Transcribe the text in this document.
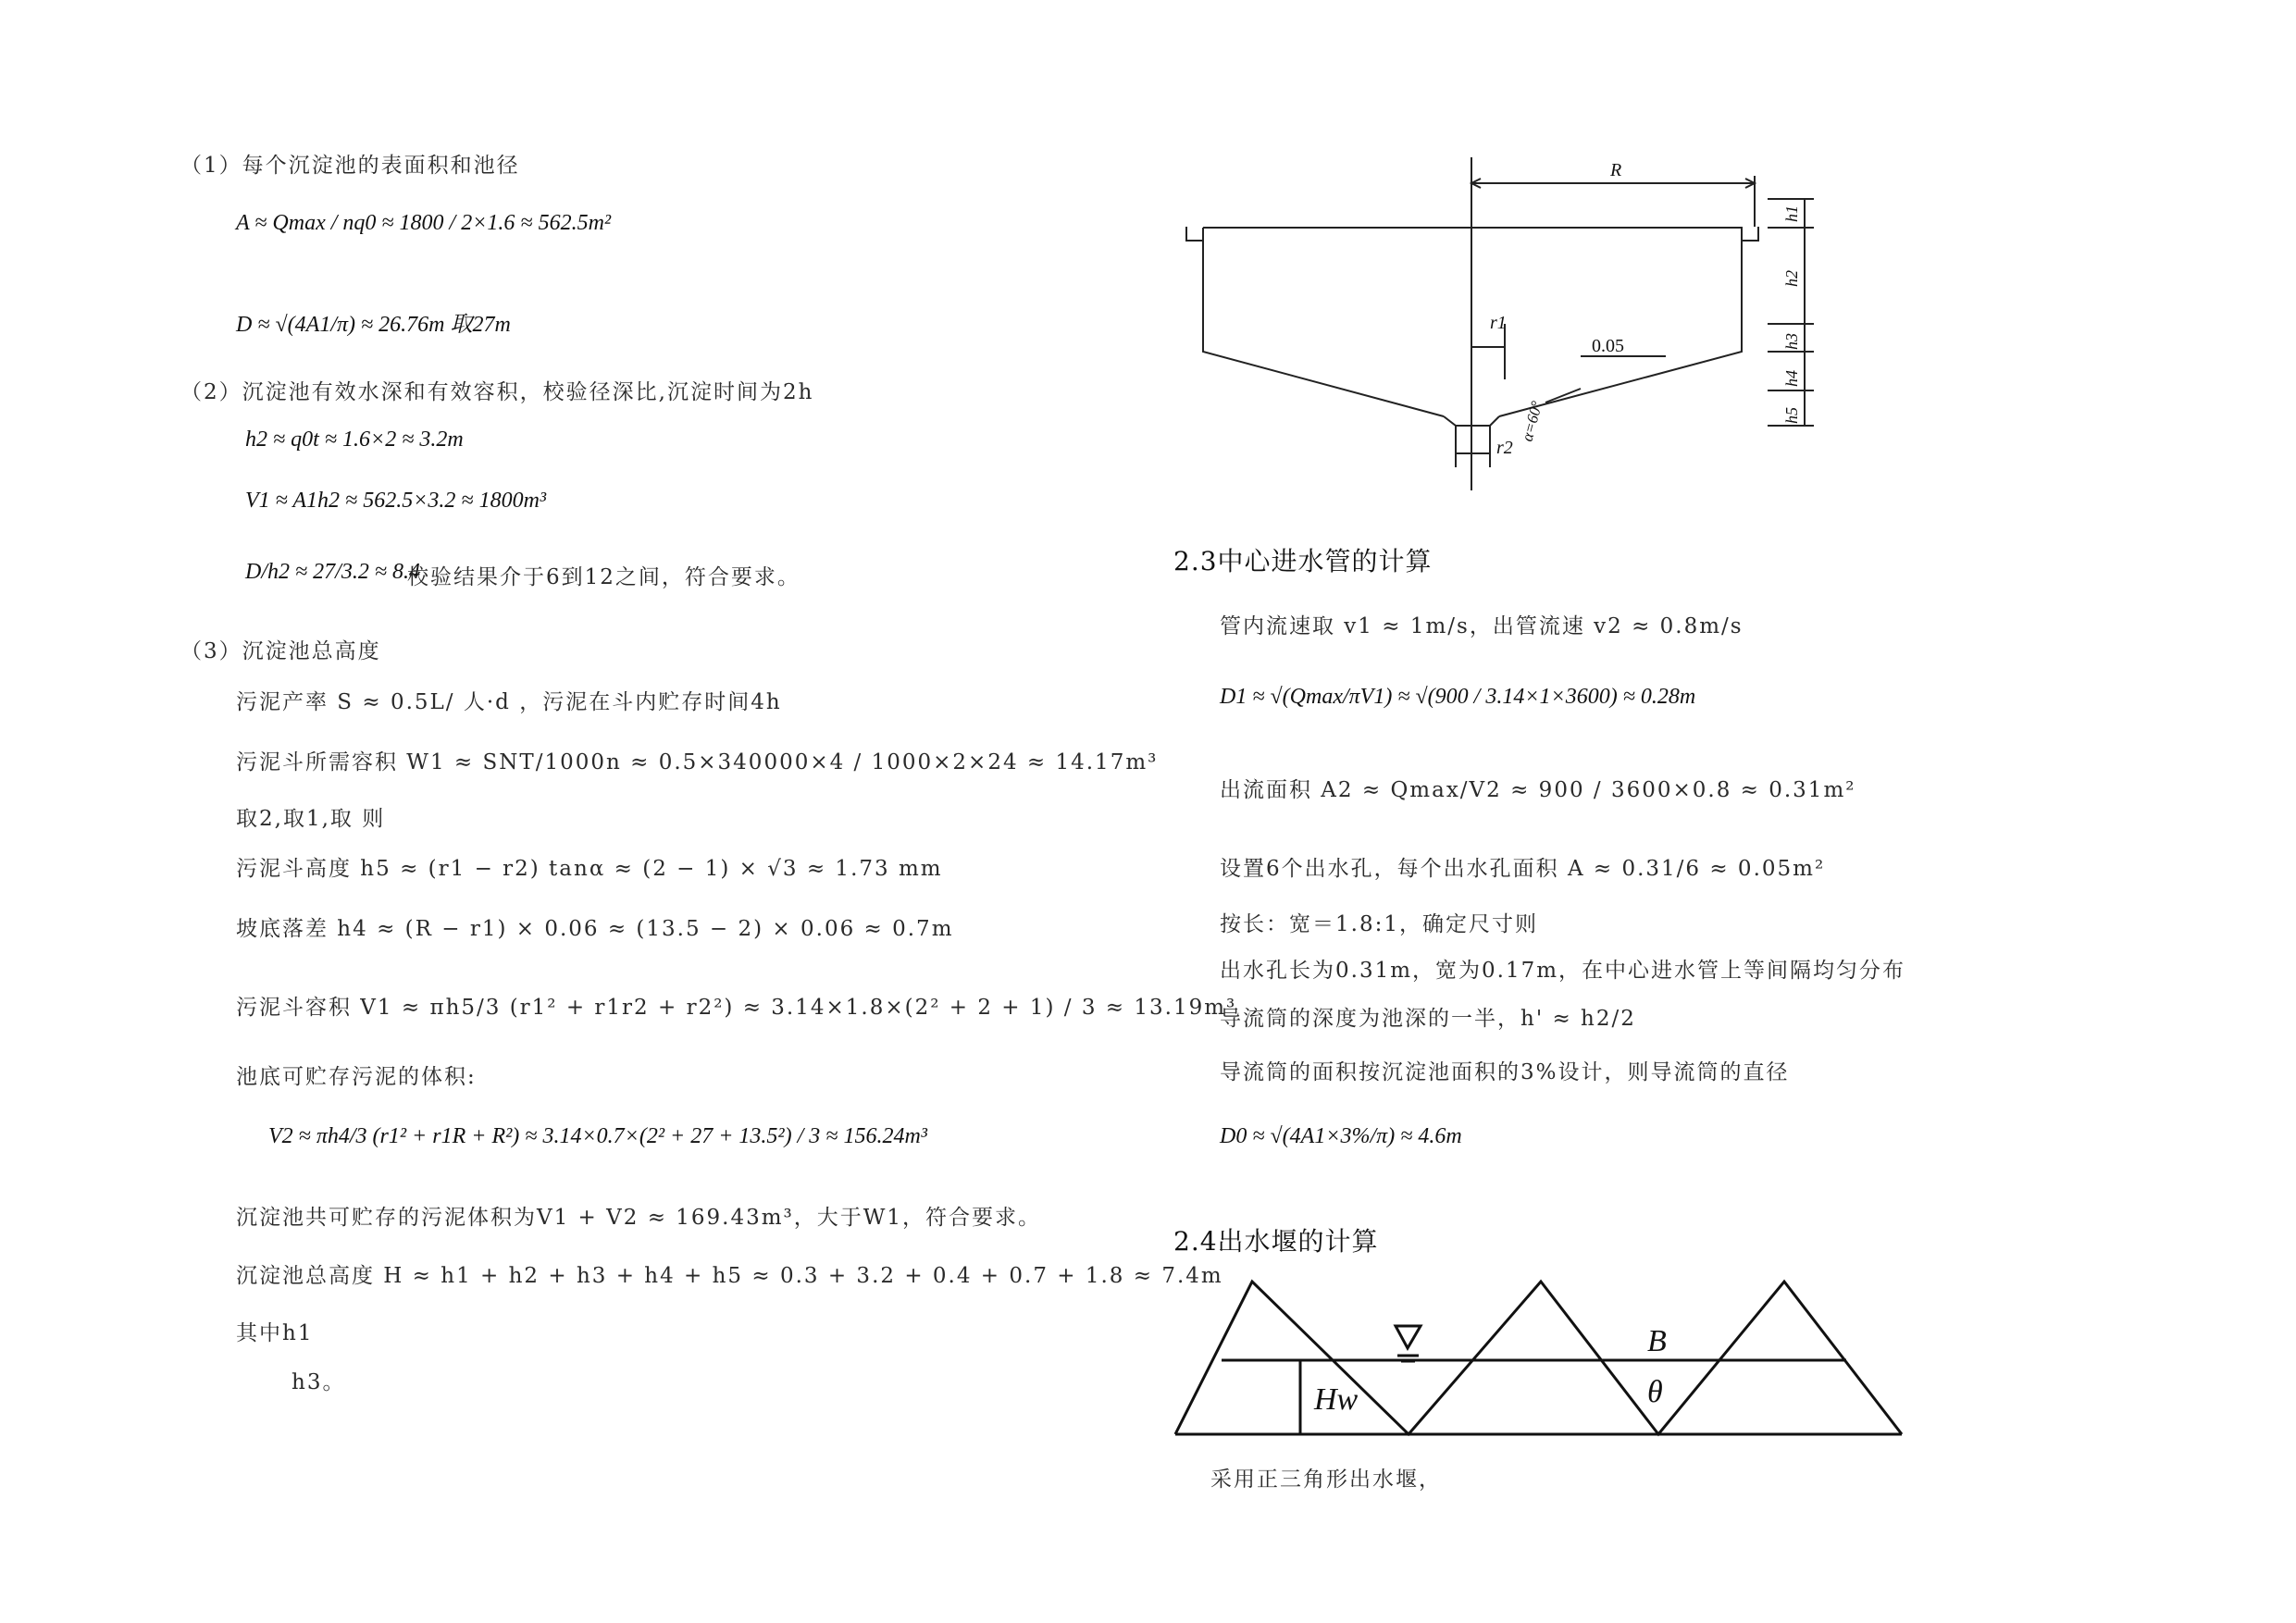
（1）每个沉淀池的表面积和池径
A ≈ Qmax / nq0 ≈ 1800 / 2×1.6 ≈ 562.5m²
D ≈ √(4A1/π) ≈ 26.76m 取27m
（2）沉淀池有效水深和有效容积，校验径深比,沉淀时间为2h
h2 ≈ q0t ≈ 1.6×2 ≈ 3.2m
V1 ≈ A1h2 ≈ 562.5×3.2 ≈ 1800m³
D/h2 ≈ 27/3.2 ≈ 8.4
校验结果介于6到12之间，符合要求。
（3）沉淀池总高度
污泥产率 S ≈ 0.5L/ 人·d ，污泥在斗内贮存时间4h
污泥斗所需容积 W1 ≈ SNT/1000n ≈ 0.5×340000×4 / 1000×2×24 ≈ 14.17m³
取2,取1,取 则
污泥斗高度 h5 ≈ (r1 − r2) tanα ≈ (2 − 1) × √3 ≈ 1.73 mm
坡底落差 h4 ≈ (R − r1) × 0.06 ≈ (13.5 − 2) × 0.06 ≈ 0.7m
污泥斗容积 V1 ≈ πh5/3 (r1² + r1r2 + r2²) ≈ 3.14×1.8×(2² + 2 + 1) / 3 ≈ 13.19m³
池底可贮存污泥的体积:
V2 ≈ πh4/3 (r1² + r1R + R²) ≈ 3.14×0.7×(2² + 27 + 13.5²) / 3 ≈ 156.24m³
沉淀池共可贮存的污泥体积为V1 + V2 ≈ 169.43m³，大于W1，符合要求。
沉淀池总高度 H ≈ h1 + h2 + h3 + h4 + h5 ≈ 0.3 + 3.2 + 0.4 + 0.7 + 1.8 ≈ 7.4m
其中h1
h3。
R
r1
r2
0.05
α=60°
h1
h2
h3
h4
h5
2.3中心进水管的计算
管内流速取 v1 ≈ 1m/s，出管流速 v2 ≈ 0.8m/s
D1 ≈ √(Qmax/πV1) ≈ √(900 / 3.14×1×3600) ≈ 0.28m
出流面积 A2 ≈ Qmax/V2 ≈ 900 / 3600×0.8 ≈ 0.31m²
设置6个出水孔，每个出水孔面积 A ≈ 0.31/6 ≈ 0.05m²
按长：宽＝1.8:1，确定尺寸则
出水孔长为0.31m，宽为0.17m，在中心进水管上等间隔均匀分布
导流筒的深度为池深的一半，h' ≈ h2/2
导流筒的面积按沉淀池面积的3%设计，则导流筒的直径
D0 ≈ √(4A1×3%/π) ≈ 4.6m
2.4出水堰的计算
B
θ
Hw
采用正三角形出水堰，
